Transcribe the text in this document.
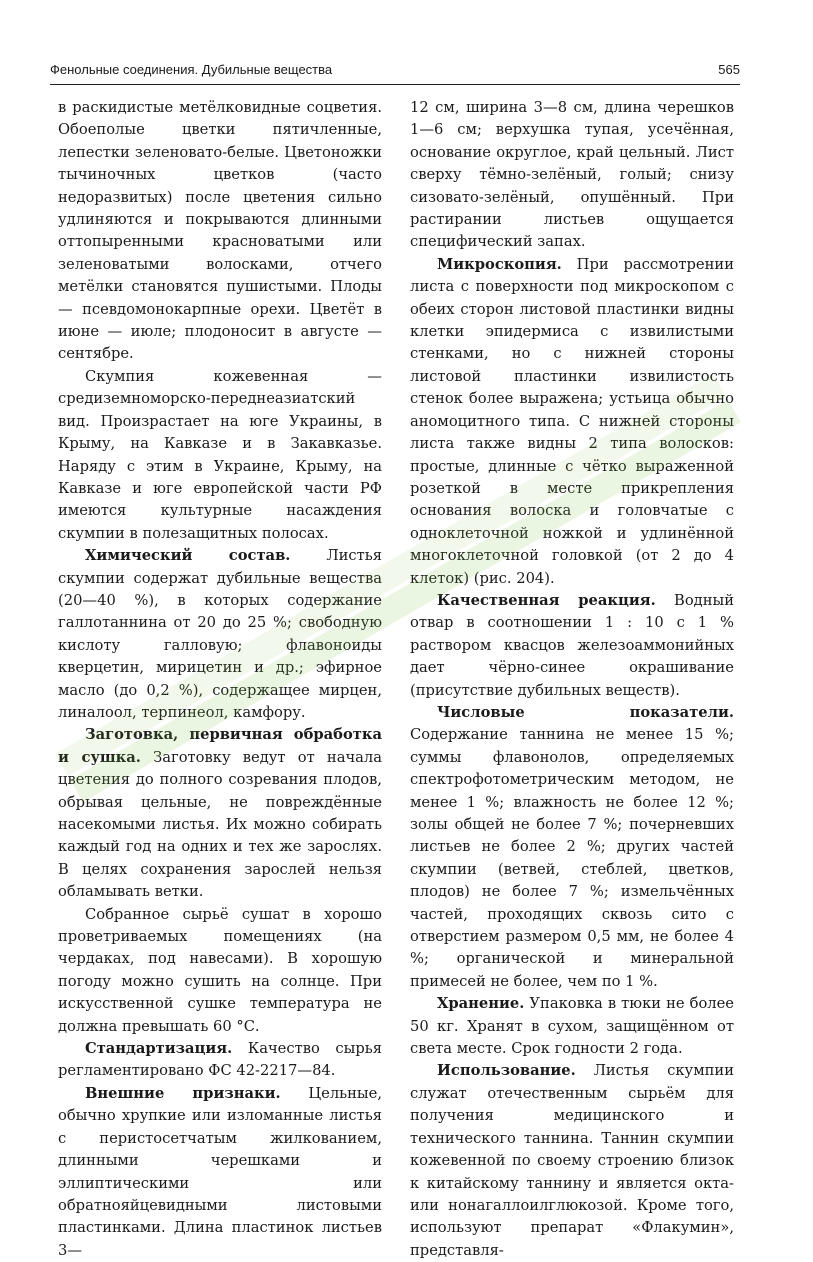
Фенольные соединения. Дубильные вещества	565

в раскидистые метёлковидные соцветия. Обоеполые цветки пятичленные, лепестки зеленовато-белые. Цветоножки тычиночных цветков (часто недоразвитых) после цветения сильно удлиняются и покрываются длинными оттопыренными красноватыми или зеленоватыми волосками, отчего метёлки становятся пушистыми. Плоды — псевдомонокарпные орехи. Цветёт в июне — июле; плодоносит в августе — сентябре.

Скумпия кожевенная — средиземноморско-переднеазиатский вид. Произрастает на юге Украины, в Крыму, на Кавказе и в Закавказье. Наряду с этим в Украине, Крыму, на Кавказе и юге европейской части РФ имеются культурные насаждения скумпии в полезащитных полосах.

Химический состав. Листья скумпии содержат дубильные вещества (20—40 %), в которых содержание галлотаннина от 20 до 25 %; свободную кислоту галловую; флавоноиды кверцетин, мирицетин и др.; эфирное масло (до 0,2 %), содержащее мирцен, линалоол, терпинеол, камфору.

Заготовка, первичная обработка и сушка. Заготовку ведут от начала цветения до полного созревания плодов, обрывая цельные, не повреждённые насекомыми листья. Их можно собирать каждый год на одних и тех же зарослях. В целях сохранения зарослей нельзя обламывать ветки.

Собранное сырьё сушат в хорошо проветриваемых помещениях (на чердаках, под навесами). В хорошую погоду можно сушить на солнце. При искусственной сушке температура не должна превышать 60 °С.

Стандартизация. Качество сырья регламентировано ФС 42-2217—84.

Внешние признаки. Цельные, обычно хрупкие или изломанные листья с перистосетчатым жилкованием, длинными черешками и эллиптическими или обратнояйцевидными листовыми пластинками. Длина пластинок листьев 3—

12 см, ширина 3—8 см, длина черешков 1—6 см; верхушка тупая, усечённая, основание округлое, край цельный. Лист сверху тёмно-зелёный, голый; снизу сизовато-зелёный, опушённый. При растирании листьев ощущается специфический запах.

Микроскопия. При рассмотрении листа с поверхности под микроскопом с обеих сторон листовой пластинки видны клетки эпидермиса с извилистыми стенками, но с нижней стороны листовой пластинки извилистость стенок более выражена; устьица обычно аномоцитного типа. С нижней стороны листа также видны 2 типа волосков: простые, длинные с чётко выраженной розеткой в месте прикрепления основания волоска и головчатые с одноклеточной ножкой и удлинённой многоклеточной головкой (от 2 до 4 клеток) (рис. 204).

Качественная реакция. Водный отвар в соотношении 1 : 10 с 1 % раствором квасцов железоаммонийных дает чёрно-синее окрашивание (присутствие дубильных веществ).

Числовые показатели. Содержание таннина не менее 15 %; суммы флавонолов, определяемых спектрофотометрическим методом, не менее 1 %; влажность не более 12 %; золы общей не более 7 %; почерневших листьев не более 2 %; других частей скумпии (ветвей, стеблей, цветков, плодов) не более 7 %; измельчённых частей, проходящих сквозь сито с отверстием размером 0,5 мм, не более 4 %; органической и минеральной примесей не более, чем по 1 %.

Хранение. Упаковка в тюки не более 50 кг. Хранят в сухом, защищённом от света месте. Срок годности 2 года.

Использование. Листья скумпии служат отечественным сырьём для получения медицинского и технического таннина. Таннин скумпии кожевенной по своему строению близок к китайскому таннину и является окта- или нонагаллоилглюкозой. Кроме того, используют препарат «Флакумин», представля-
